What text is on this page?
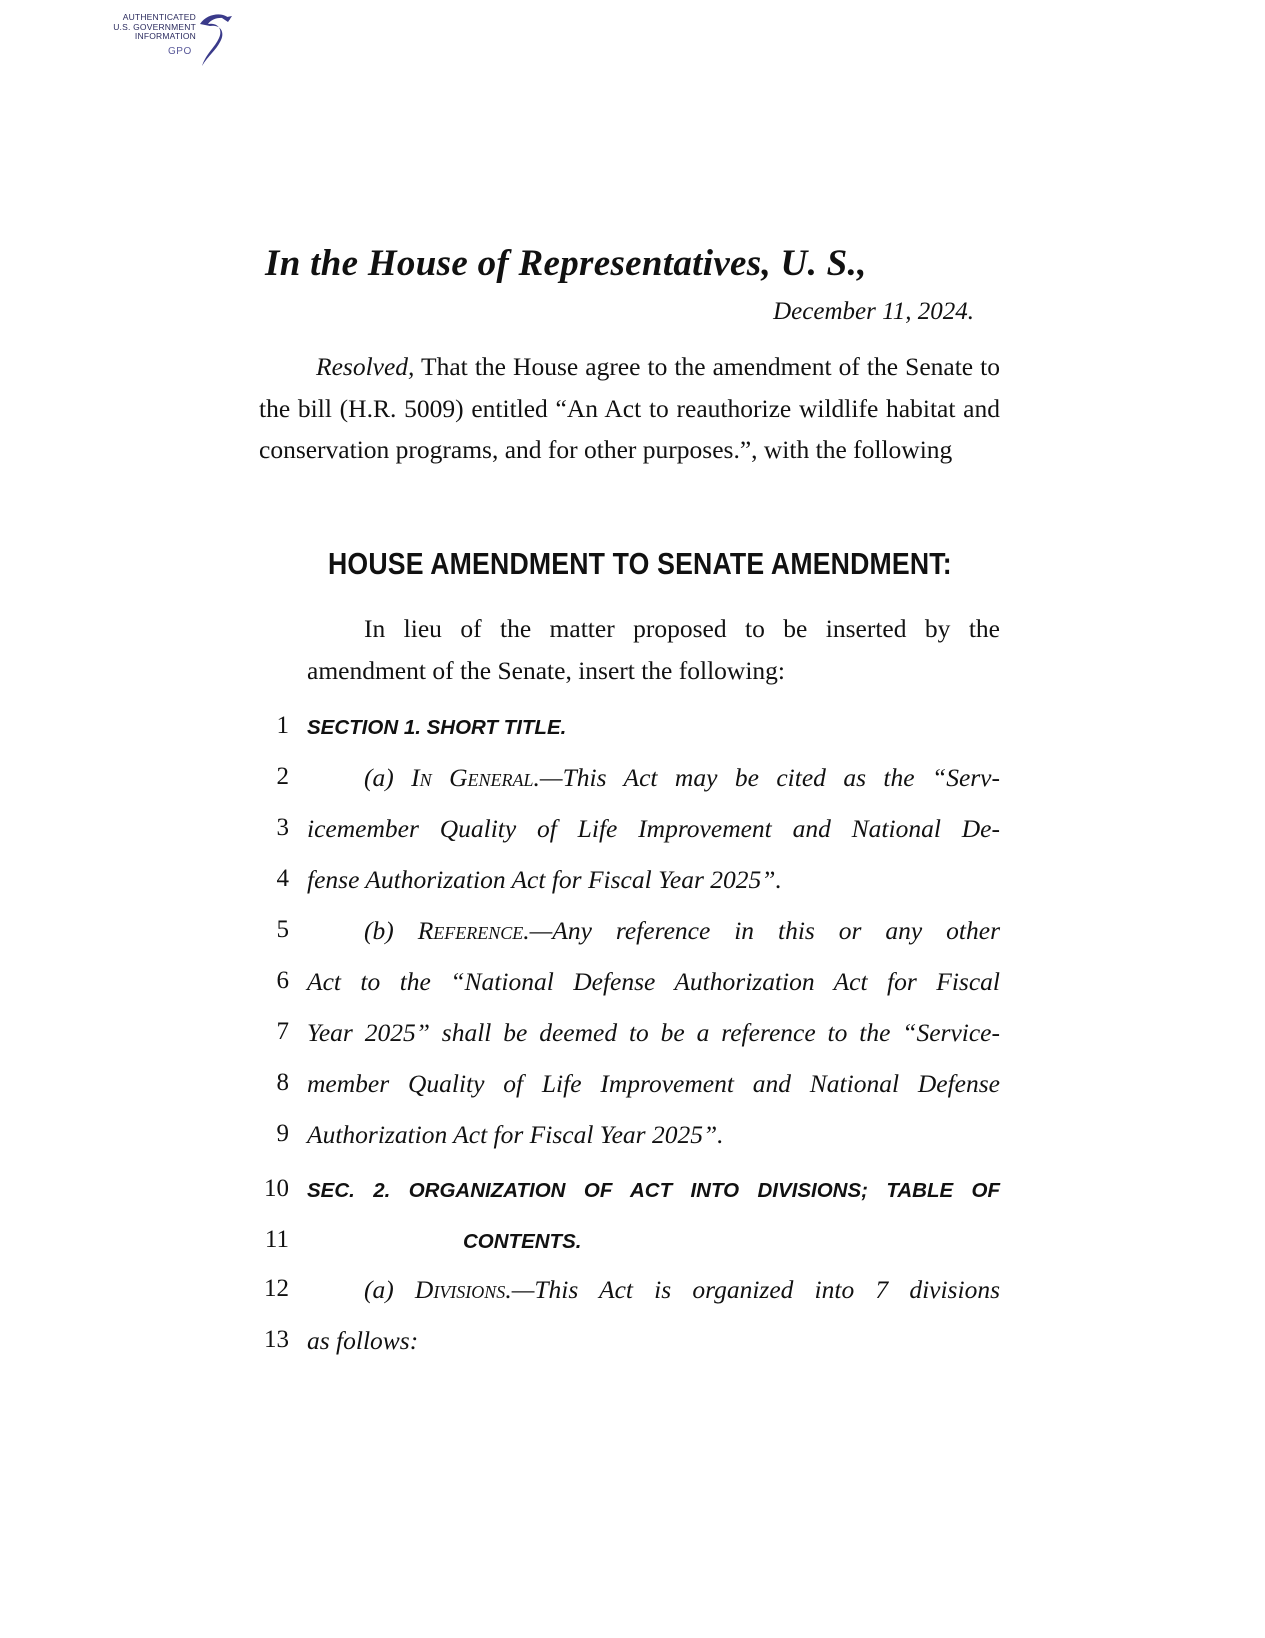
AUTHENTICATED
U.S. GOVERNMENT
INFORMATION
GPO
In the House of Representatives, U. S.,
December 11, 2024.
Resolved, That the House agree to the amendment of the Senate to the bill (H.R. 5009) entitled “An Act to reauthorize wildlife habitat and conservation programs, and for other purposes.”, with the following
HOUSE AMENDMENT TO SENATE AMENDMENT:
In lieu of the matter proposed to be inserted by the amendment of the Senate, insert the following:
1 SECTION 1. SHORT TITLE.
2	(a) In General.—This Act may be cited as the “Serv-
3 icemember Quality of Life Improvement and National De-
4 fense Authorization Act for Fiscal Year 2025”.
5	(b) Reference.—Any reference in this or any other
6 Act to the “National Defense Authorization Act for Fiscal
7 Year 2025” shall be deemed to be a reference to the “Service-
8 member Quality of Life Improvement and National Defense
9 Authorization Act for Fiscal Year 2025”.
10 SEC. 2. ORGANIZATION OF ACT INTO DIVISIONS; TABLE OF
11	CONTENTS.
12	(a) Divisions.—This Act is organized into 7 divisions
13 as follows:
